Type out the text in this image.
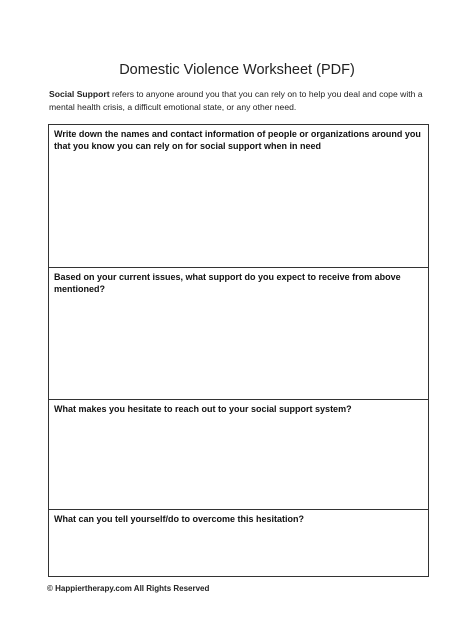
Domestic Violence Worksheet (PDF)
Social Support refers to anyone around you that you can rely on to help you deal and cope with a mental health crisis, a difficult emotional state, or any other need.
Write down the names and contact information of people or organizations around you that you know you can rely on for social support when in need
Based on your current issues, what support do you expect to receive from above mentioned?
What makes you hesitate to reach out to your social support system?
What can you tell yourself/do to overcome this hesitation?
© Happiertherapy.com All Rights Reserved
